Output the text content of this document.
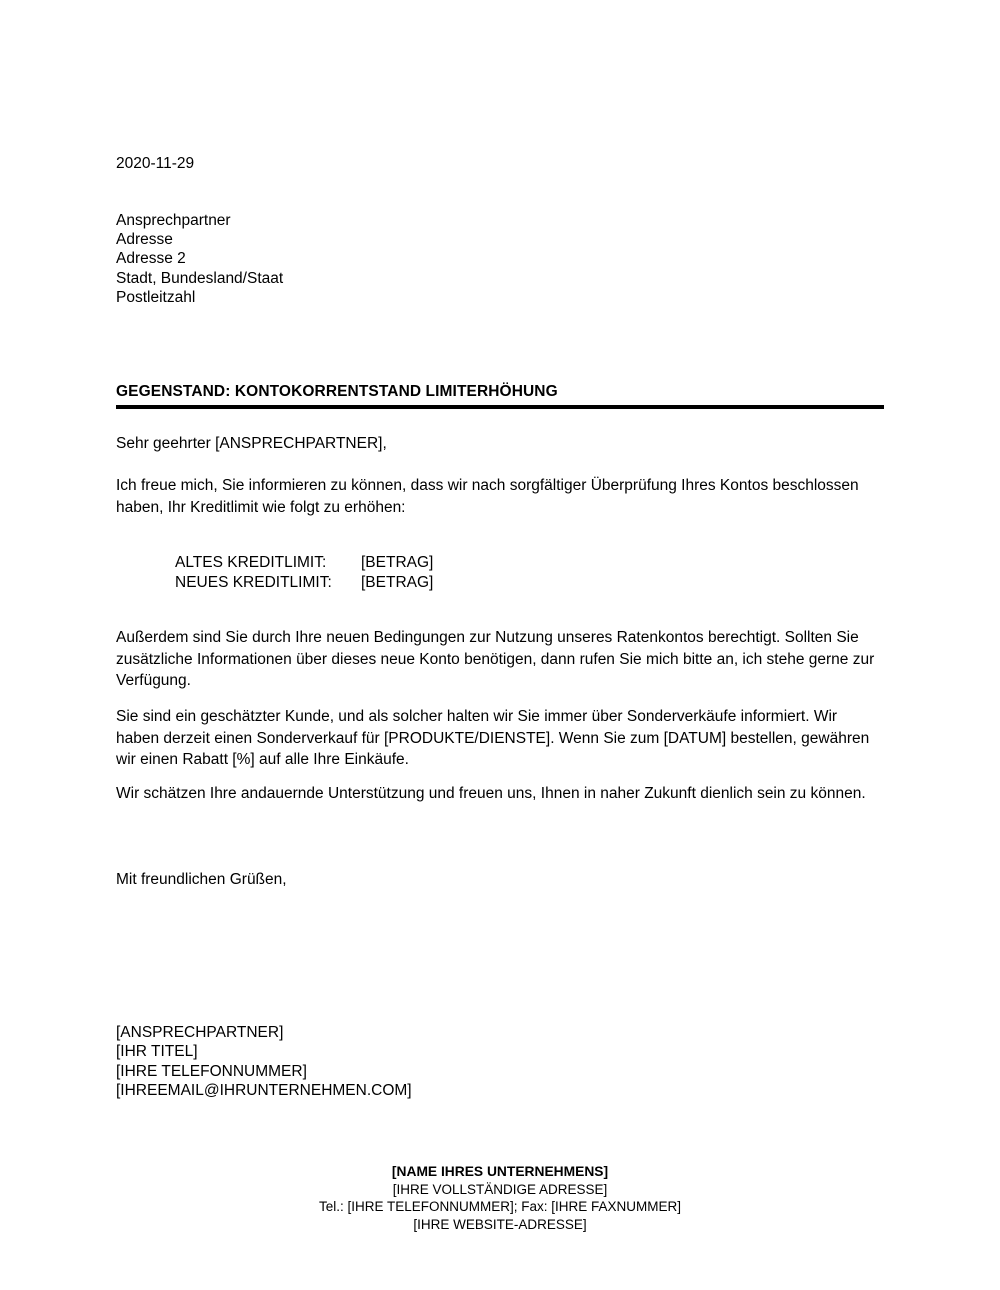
2020-11-29
Ansprechpartner
Adresse
Adresse 2
Stadt, Bundesland/Staat
Postleitzahl
GEGENSTAND: KONTOKORRENTSTAND LIMITERHÖHUNG
Sehr geehrter [ANSPRECHPARTNER],
Ich freue mich, Sie informieren zu können, dass wir nach sorgfältiger Überprüfung Ihres Kontos beschlossen haben, Ihr Kreditlimit wie folgt zu erhöhen:
ALTES KREDITLIMIT:	[BETRAG]
NEUES KREDITLIMIT:	[BETRAG]
Außerdem sind Sie durch Ihre neuen Bedingungen zur Nutzung unseres Ratenkontos berechtigt. Sollten Sie zusätzliche Informationen über dieses neue Konto benötigen, dann rufen Sie mich bitte an, ich stehe gerne zur Verfügung.
Sie sind ein geschätzter Kunde, und als solcher halten wir Sie immer über Sonderverkäufe informiert. Wir haben derzeit einen Sonderverkauf für [PRODUKTE/DIENSTE]. Wenn Sie zum [DATUM] bestellen, gewähren wir einen Rabatt [%] auf alle Ihre Einkäufe.
Wir schätzen Ihre andauernde Unterstützung und freuen uns, Ihnen in naher Zukunft dienlich sein zu können.
Mit freundlichen Grüßen,
[ANSPRECHPARTNER]
[IHR TITEL]
[IHRE TELEFONNUMMER]
[IHREEMAIL@IHRUNTERNEHMEN.COM]
[NAME IHRES UNTERNEHMENS]
[IHRE VOLLSTÄNDIGE ADRESSE]
Tel.: [IHRE TELEFONNUMMER]; Fax: [IHRE FAXNUMMER]
[IHRE WEBSITE-ADRESSE]
